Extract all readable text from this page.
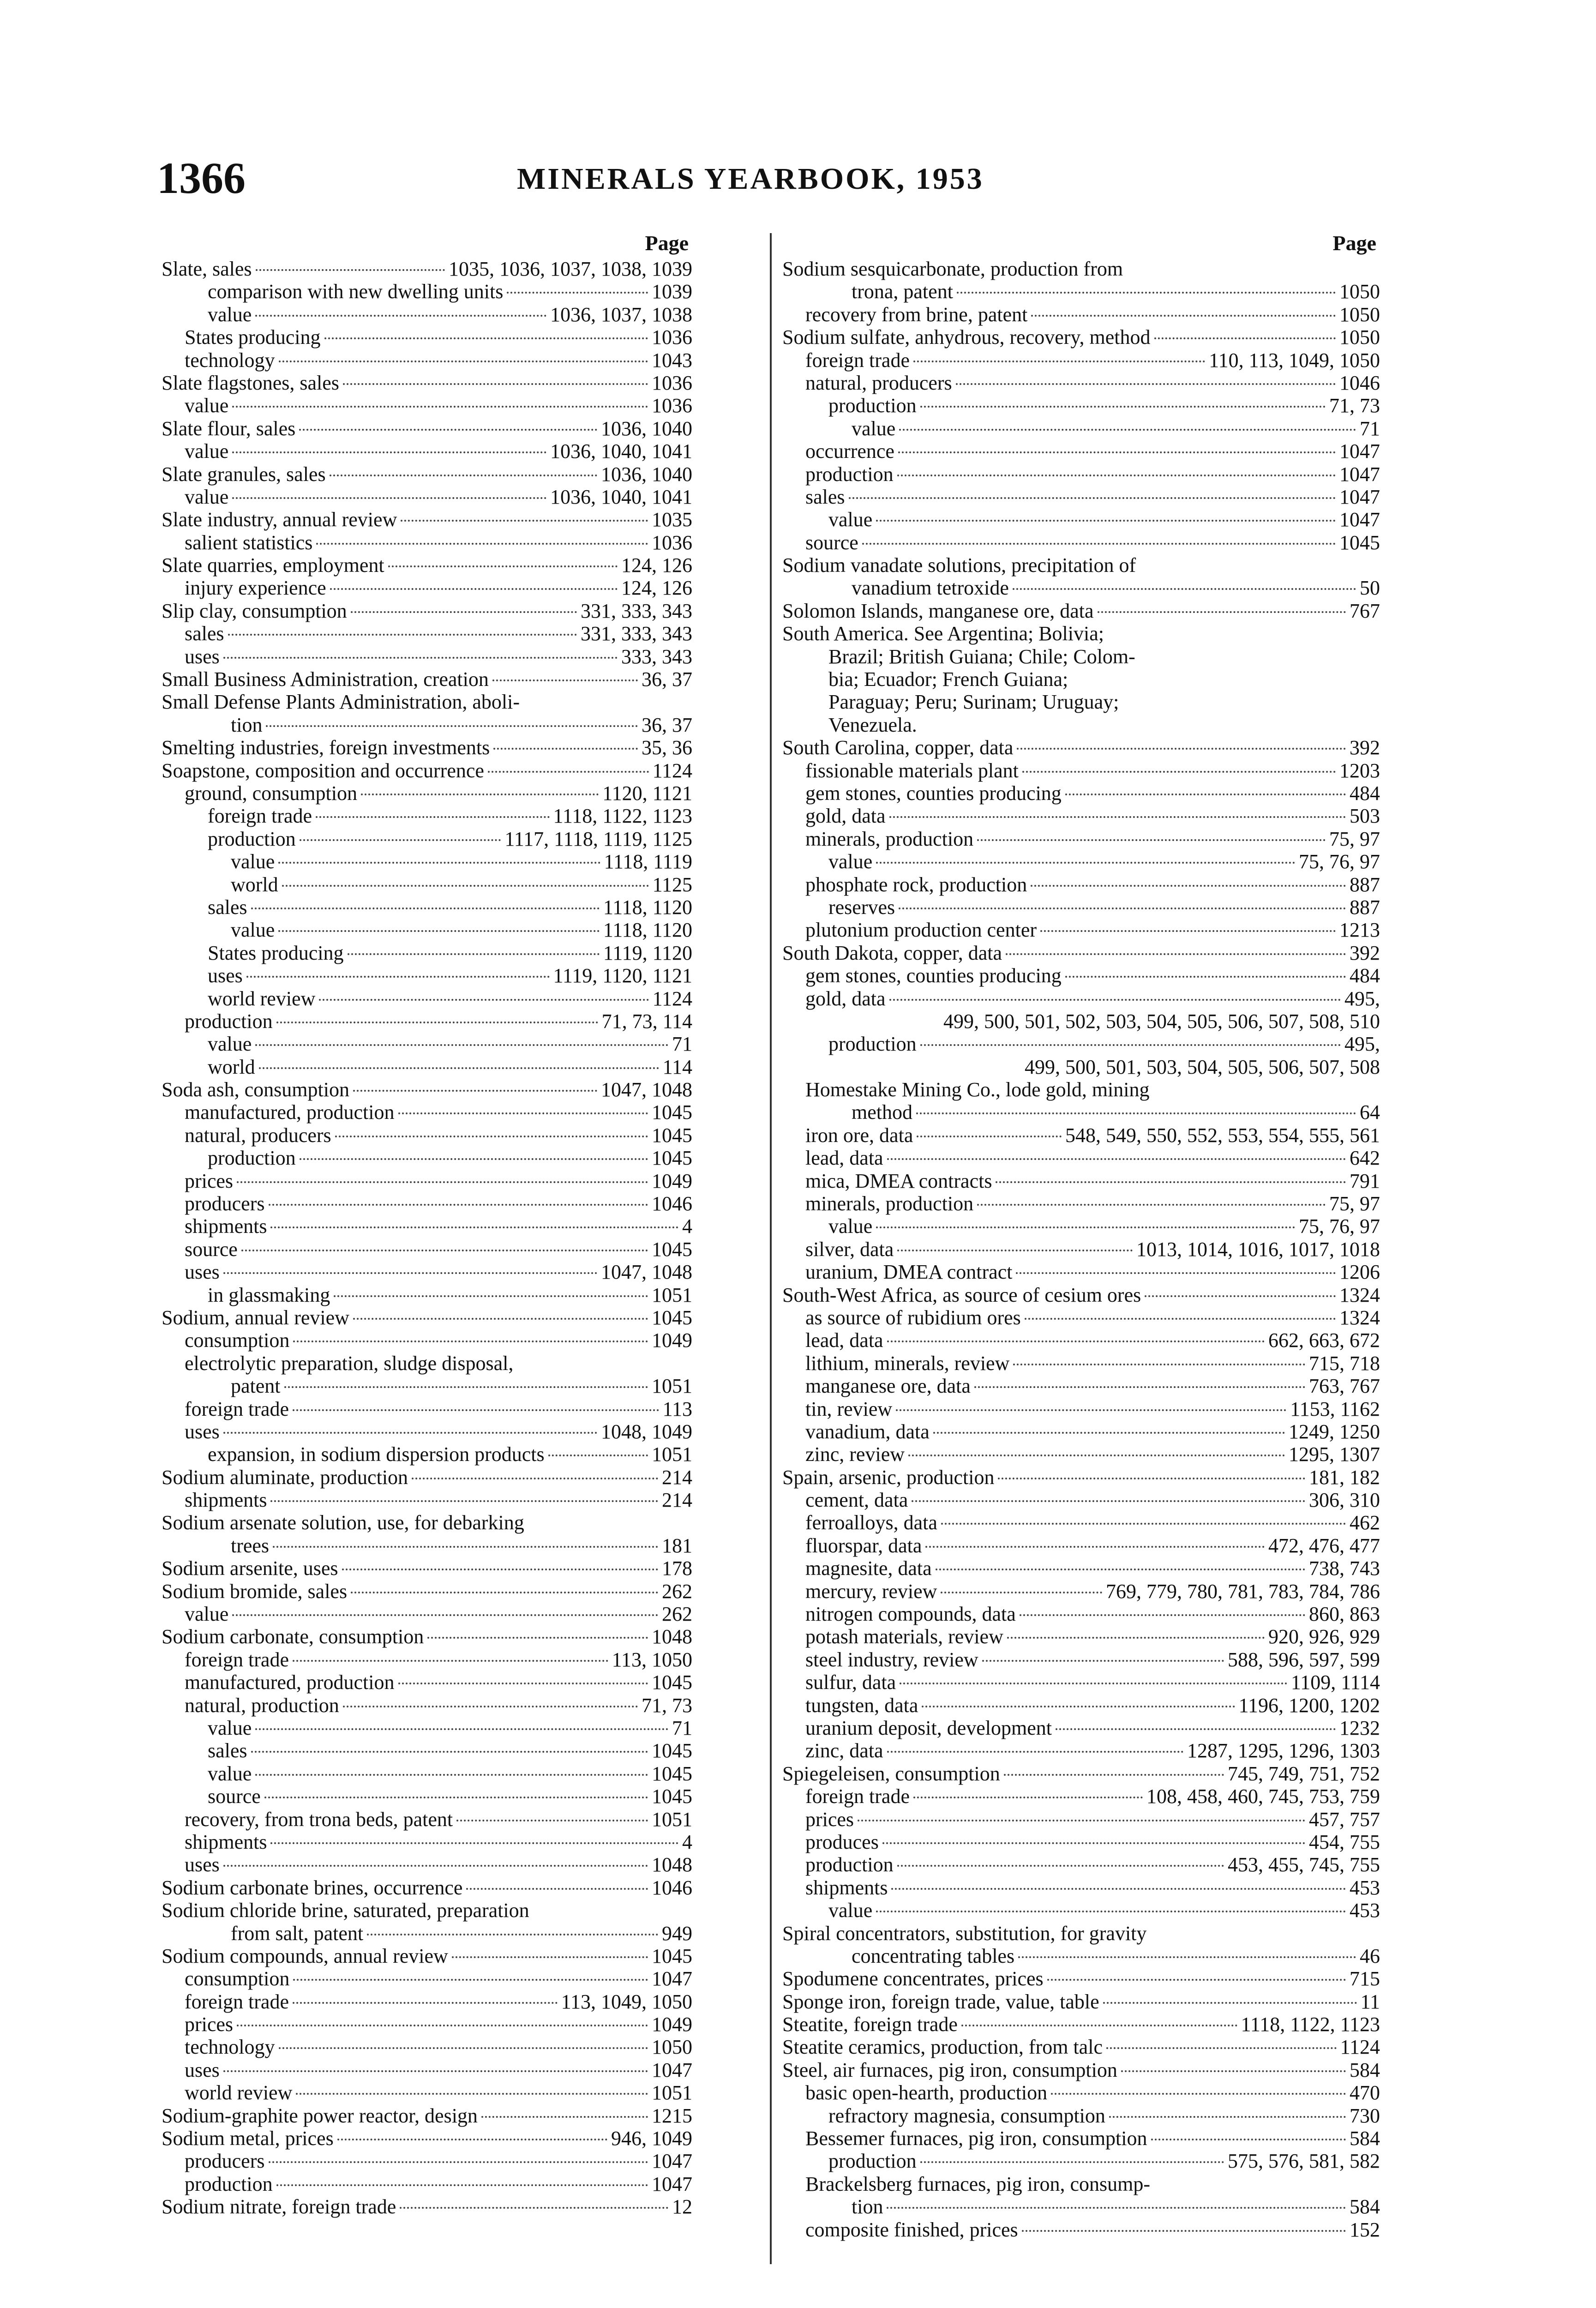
1366	MINERALS YEARBOOK, 1953
Page
Slate, sales	1035, 1036, 1037, 1038, 1039
comparison with new dwelling units	1039
value	1036, 1037, 1038
States producing	1036
technology	1043
Slate flagstones, sales	1036
value	1036
Slate flour, sales	1036, 1040
value	1036, 1040, 1041
Slate granules, sales	1036, 1040
value	1036, 1040, 1041
Slate industry, annual review	1035
salient statistics	1036
Slate quarries, employment	124, 126
injury experience	124, 126
Slip clay, consumption	331, 333, 343
sales	331, 333, 343
uses	333, 343
Small Business Administration, creation	36, 37
Small Defense Plants Administration, aboli-
tion	36, 37
Smelting industries, foreign investments	35, 36
Soapstone, composition and occurrence	1124
ground, consumption	1120, 1121
foreign trade	1118, 1122, 1123
production	1117, 1118, 1119, 1125
value	1118, 1119
world	1125
sales	1118, 1120
value	1118, 1120
States producing	1119, 1120
uses	1119, 1120, 1121
world review	1124
production	71, 73, 114
value	71
world	114
Soda ash, consumption	1047, 1048
manufactured, production	1045
natural, producers	1045
production	1045
prices	1049
producers	1046
shipments	4
source	1045
uses	1047, 1048
in glassmaking	1051
Sodium, annual review	1045
consumption	1049
electrolytic preparation, sludge disposal,
patent	1051
foreign trade	113
uses	1048, 1049
expansion, in sodium dispersion products	1051
Sodium aluminate, production	214
shipments	214
Sodium arsenate solution, use, for debarking
trees	181
Sodium arsenite, uses	178
Sodium bromide, sales	262
value	262
Sodium carbonate, consumption	1048
foreign trade	113, 1050
manufactured, production	1045
natural, production	71, 73
value	71
sales	1045
value	1045
source	1045
recovery, from trona beds, patent	1051
shipments	4
uses	1048
Sodium carbonate brines, occurrence	1046
Sodium chloride brine, saturated, preparation
from salt, patent	949
Sodium compounds, annual review	1045
consumption	1047
foreign trade	113, 1049, 1050
prices	1049
technology	1050
uses	1047
world review	1051
Sodium-graphite power reactor, design	1215
Sodium metal, prices	946, 1049
producers	1047
production	1047
Sodium nitrate, foreign trade	12
Page
Sodium sesquicarbonate, production from
trona, patent	1050
recovery from brine, patent	1050
Sodium sulfate, anhydrous, recovery, method	1050
foreign trade	110, 113, 1049, 1050
natural, producers	1046
production	71, 73
value	71
occurrence	1047
production	1047
sales	1047
value	1047
source	1045
Sodium vanadate solutions, precipitation of
vanadium tetroxide	50
Solomon Islands, manganese ore, data	767
South America. See Argentina; Bolivia;
Brazil; British Guiana; Chile; Colom-
bia; Ecuador; French Guiana;
Paraguay; Peru; Surinam; Uruguay;
Venezuela.
South Carolina, copper, data	392
fissionable materials plant	1203
gem stones, counties producing	484
gold, data	503
minerals, production	75, 97
value	75, 76, 97
phosphate rock, production	887
reserves	887
plutonium production center	1213
South Dakota, copper, data	392
gem stones, counties producing	484
gold, data	495,
499, 500, 501, 502, 503, 504, 505, 506, 507, 508, 510
production	495,
499, 500, 501, 503, 504, 505, 506, 507, 508
Homestake Mining Co., lode gold, mining
method	64
iron ore, data	548, 549, 550, 552, 553, 554, 555, 561
lead, data	642
mica, DMEA contracts	791
minerals, production	75, 97
value	75, 76, 97
silver, data	1013, 1014, 1016, 1017, 1018
uranium, DMEA contract	1206
South-West Africa, as source of cesium ores	1324
as source of rubidium ores	1324
lead, data	662, 663, 672
lithium, minerals, review	715, 718
manganese ore, data	763, 767
tin, review	1153, 1162
vanadium, data	1249, 1250
zinc, review	1295, 1307
Spain, arsenic, production	181, 182
cement, data	306, 310
ferroalloys, data	462
fluorspar, data	472, 476, 477
magnesite, data	738, 743
mercury, review	769, 779, 780, 781, 783, 784, 786
nitrogen compounds, data	860, 863
potash materials, review	920, 926, 929
steel industry, review	588, 596, 597, 599
sulfur, data	1109, 1114
tungsten, data	1196, 1200, 1202
uranium deposit, development	1232
zinc, data	1287, 1295, 1296, 1303
Spiegeleisen, consumption	745, 749, 751, 752
foreign trade	108, 458, 460, 745, 753, 759
prices	457, 757
produces	454, 755
production	453, 455, 745, 755
shipments	453
value	453
Spiral concentrators, substitution, for gravity
concentrating tables	46
Spodumene concentrates, prices	715
Sponge iron, foreign trade, value, table	11
Steatite, foreign trade	1118, 1122, 1123
Steatite ceramics, production, from talc	1124
Steel, air furnaces, pig iron, consumption	584
basic open-hearth, production	470
refractory magnesia, consumption	730
Bessemer furnaces, pig iron, consumption	584
production	575, 576, 581, 582
Brackelsberg furnaces, pig iron, consump-
tion	584
composite finished, prices	152
